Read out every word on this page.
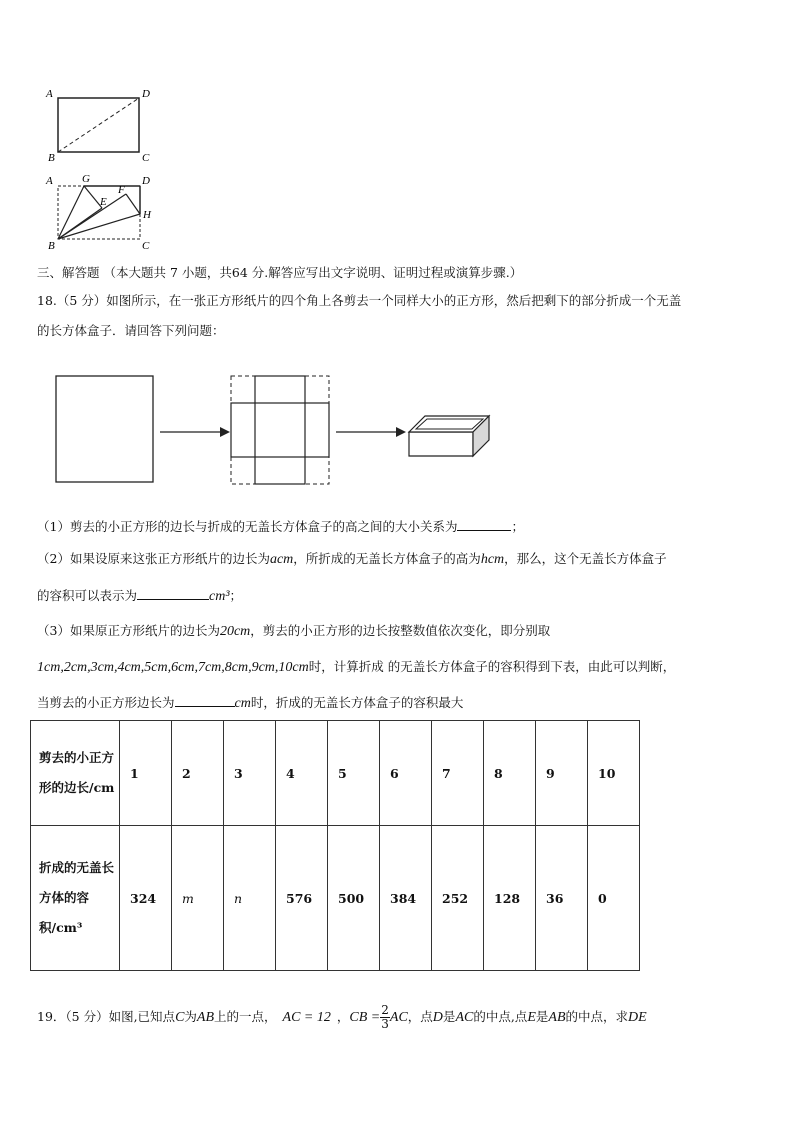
A	D
B	C
A	G
E
F
D
H
B	C
三、解答题 （本大题共 7 小题，共64 分.解答应写出文字说明、证明过程或演算步骤.）
18.（5 分）如图所示，在一张正方形纸片的四个角上各剪去一个同样大小的正方形，然后把剩下的部分折成一个无盖
的长方体盒子．请回答下列问题：
（1）剪去的小正方形的边长与折成的无盖长方体盒子的高之间的大小关系为	；
（2）如果设原来这张正方形纸片的边长为acm，所折成的无盖长方体盒子的高为hcm，那么，这个无盖长方体盒子
的容积可以表示为	cm³；
（3）如果原正方形纸片的边长为20cm，剪去的小正方形的边长按整数值依次变化，即分别取
1cm,2cm,3cm,4cm,5cm,6cm,7cm,8cm,9cm,10cm时，计算折成 的无盖长方体盒子的容积得到下表，由此可以判断，
当剪去的小正方形边长为	cm时，折成的无盖长方体盒子的容积最大
剪去的小正方 形的边长/cm	1	2	3	4	5	6	7	8	9	10
折成的无盖长方体的容积/cm³	324	m	n	576	500	384	252	128	36	0
19．（5 分）如图,已知点C为AB上的一点， AC = 12 ，CB = $\frac{2}{3}$ AC，点D是AC的中点,点E是AB的中点，求DE
